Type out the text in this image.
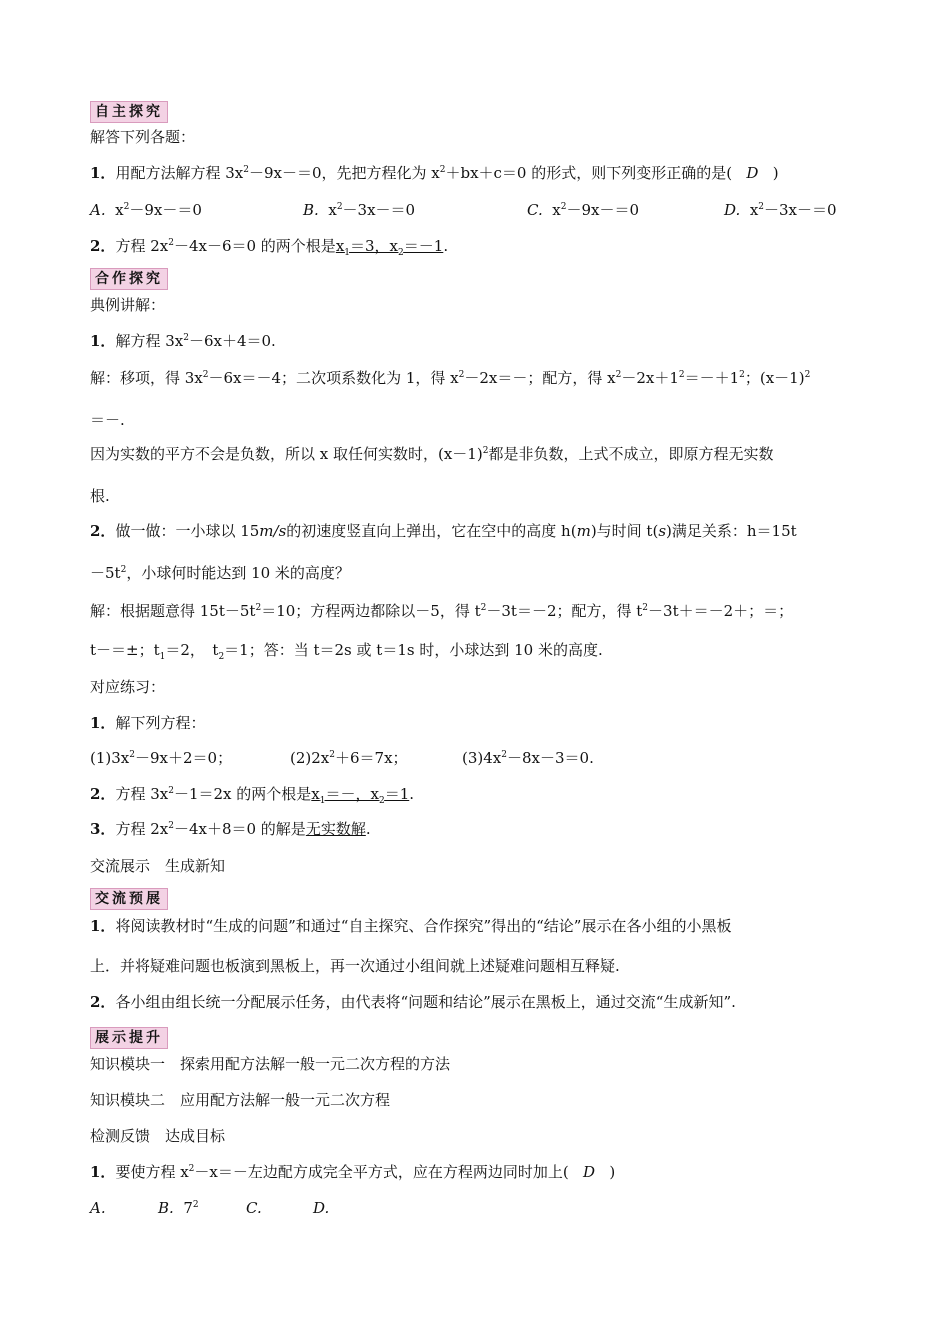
自主探究
解答下列各题：
1．用配方法解方程 $3x^2-9x-=0$，先把方程化为 $x^2+bx+c=0$ 的形式，则下列变形正确的是( D )
A. $x^2-9x-=0$	B. $x^2-3x-=0$	C. $x^2-9x-=0$	D. $x^2-3x-=0$
2．方程 $2x^2-4x-6=0$ 的两个根是$x_1=3$，$x_2=-1$.
合作探究
典例讲解：
1．解方程 $3x^2-6x+4=0$.
解：移项，得 $3x^2-6x=-4$；二次项系数化为 1，得 $x^2-2x=-$；配方，得 $x^2-2x+1^2=-+1^2$；$(x-1)^2$
＝－.
因为实数的平方不会是负数，所以 x 取任何实数时，$(x-1)^2$都是非负数，上式不成立，即原方程无实数
根.
2．做一做：一小球以 15m/s的初速度竖直向上弹出，它在空中的高度 h(m)与时间 t(s)满足关系：h＝15t
$-5t^2$，小球何时能达到 10 米的高度？
解：根据题意得 $15t-5t^2=10$；方程两边都除以－5，得 $t^2-3t=-2$；配方，得 $t^2-3t+=-2+$；＝；
t－＝±；$t_1=2$，　$t_2=1$；答：当 t＝2s 或 t＝1s 时，小球达到 10 米的高度.
对应练习：
1．解下列方程：
$(1)3x^2-9x+2=0$；	$(2)2x^2+6=7x$；	$(3)4x^2-8x-3=0$.
2．方程 $3x^2-1=2x$ 的两个根是$x_1=-$，$x_2=1$.
3．方程 $2x^2-4x+8=0$ 的解是无实数解.
交流展示　生成新知
交流预展
1．将阅读教材时“生成的问题”和通过“自主探究、合作探究”得出的“结论”展示在各小组的小黑板
上．并将疑难问题也板演到黑板上，再一次通过小组间就上述疑难问题相互释疑.
2．各小组由组长统一分配展示任务，由代表将“问题和结论”展示在黑板上，通过交流“生成新知”.
展示提升
知识模块一　探索用配方法解一般一元二次方程的方法
知识模块二　应用配方法解一般一元二次方程
检测反馈　达成目标
1．要使方程 $x^2-x=-$左边配方成完全平方式，应在方程两边同时加上( D )
A.	B. $7^2$	C.	D.
